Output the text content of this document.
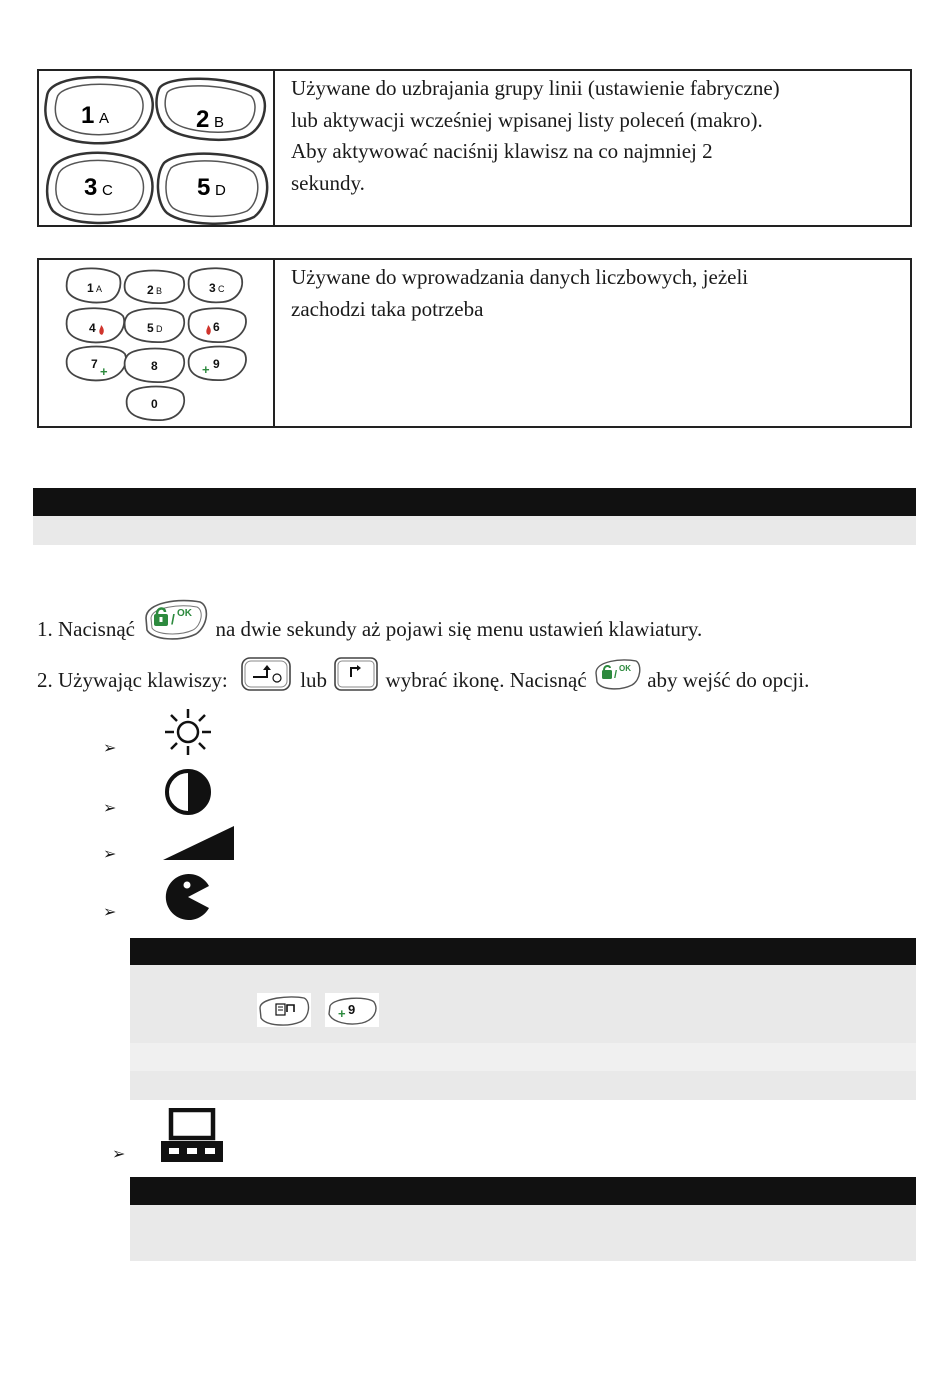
1 A	2 B
3 C	5 D
Używane do uzbrajania grupy linii (ustawienie fabryczne)
lub aktywacji wcześniej wpisanej listy poleceń (makro).
Aby aktywować naciśnij klawisz na co najmniej 2
sekundy.
1 A	2 B	3 C
4	5 D	6
7	8	9
0
+	+
Używane do wprowadzania danych liczbowych, jeżeli
zachodzi taka potrzeba
1. Nacisnąć	/ OK
na dwie sekundy aż pojawi się menu ustawień klawiatury.
2. Używając klawiszy:	lub	wybrać ikonę. Nacisnąć /
OK aby wejść do opcji.
➢
➢
➢
➢
+ 9
➢
